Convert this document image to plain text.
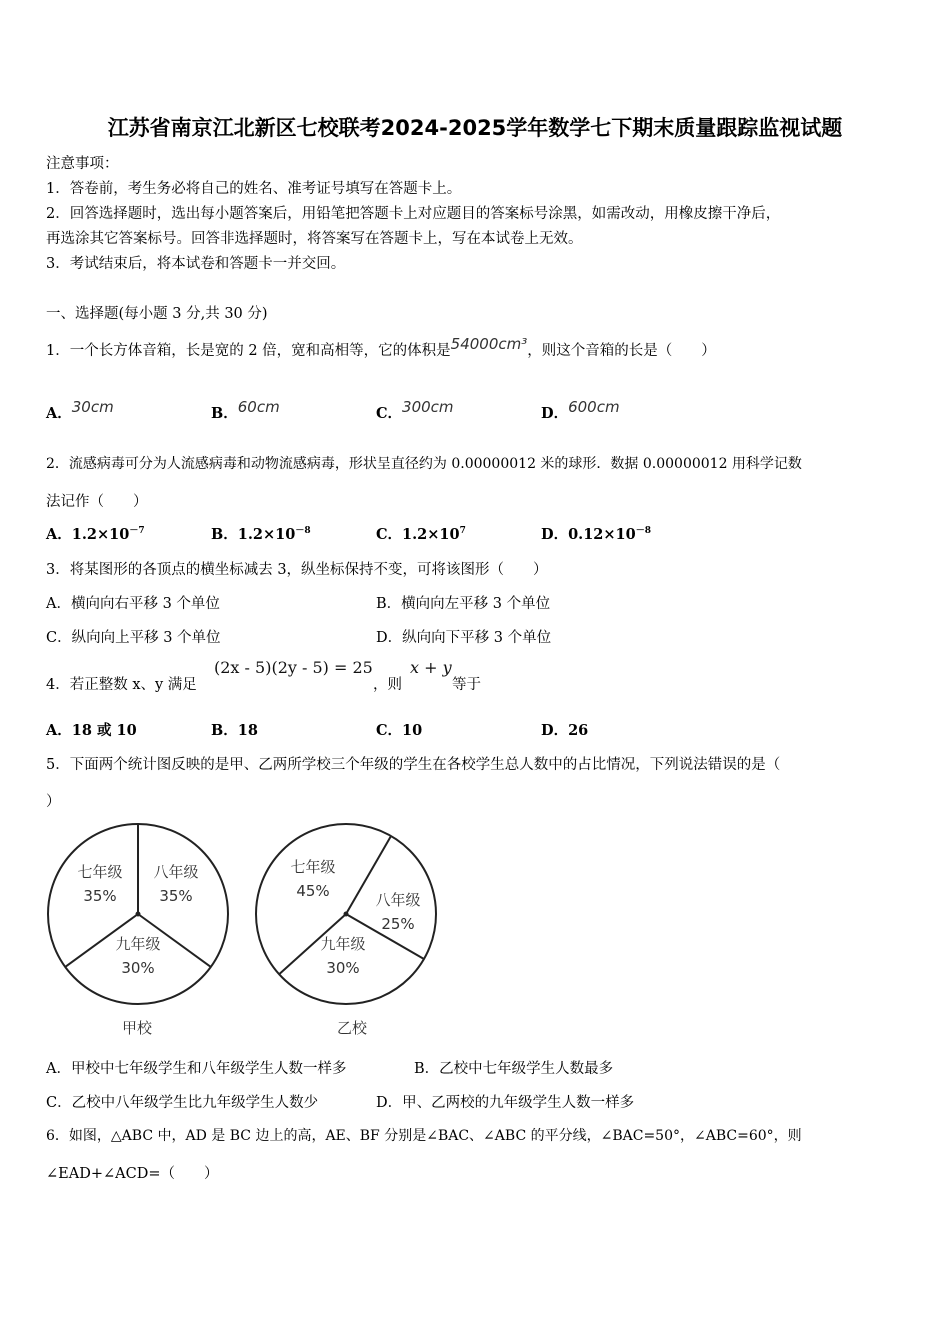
江苏省南京江北新区七校联考2024-2025学年数学七下期末质量跟踪监视试题
注意事项：
1．答卷前，考生务必将自己的姓名、准考证号填写在答题卡上。
2．回答选择题时，选出每小题答案后，用铅笔把答题卡上对应题目的答案标号涂黑，如需改动，用橡皮擦干净后，
再选涂其它答案标号。回答非选择题时，将答案写在答题卡上，写在本试卷上无效。
3．考试结束后，将本试卷和答题卡一并交回。
一、选择题(每小题 3 分,共 30 分)
1．一个长方体音箱，长是宽的 2 倍，宽和高相等，它的体积是54000cm³，则这个音箱的长是（　　）
A．30cm	B．60cm	C．300cm	D．600cm
2．流感病毒可分为人流感病毒和动物流感病毒，形状呈直径约为 0.00000012 米的球形．数据 0.00000012 用科学记数
法记作（　　）
A．$1.2\times 10^{-7}$	B．$1.2\times 10^{-8}$	C．$1.2\times 10^7$	D．$0.12\times 10^{-8}$
3．将某图形的各顶点的横坐标减去 3，纵坐标保持不变，可将该图形（　　）
A．横向向右平移 3 个单位	B．横向向左平移 3 个单位
C．纵向向上平移 3 个单位	D．纵向向下平移 3 个单位
4．若正整数 x、y 满足
(2x - 5)(2y - 5) = 25
，则
x + y
等于
A．18 或 10	B．18	C．10	D．26
5．下面两个统计图反映的是甲、乙两所学校三个年级的学生在各校学生总人数中的占比情况，下列说法错误的是（
）
七年级
35%
八年级
35%
九年级
30%
甲校
七年级
45%	八年级
25%
九年级
30%
乙校
A．甲校中七年级学生和八年级学生人数一样多	B．乙校中七年级学生人数最多
C．乙校中八年级学生比九年级学生人数少	D．甲、乙两校的九年级学生人数一样多
6．如图，△ABC 中，AD 是 BC 边上的高，AE、BF 分别是∠BAC、∠ABC 的平分线，∠BAC=50°，∠ABC=60°，则
∠EAD+∠ACD=（　　）
